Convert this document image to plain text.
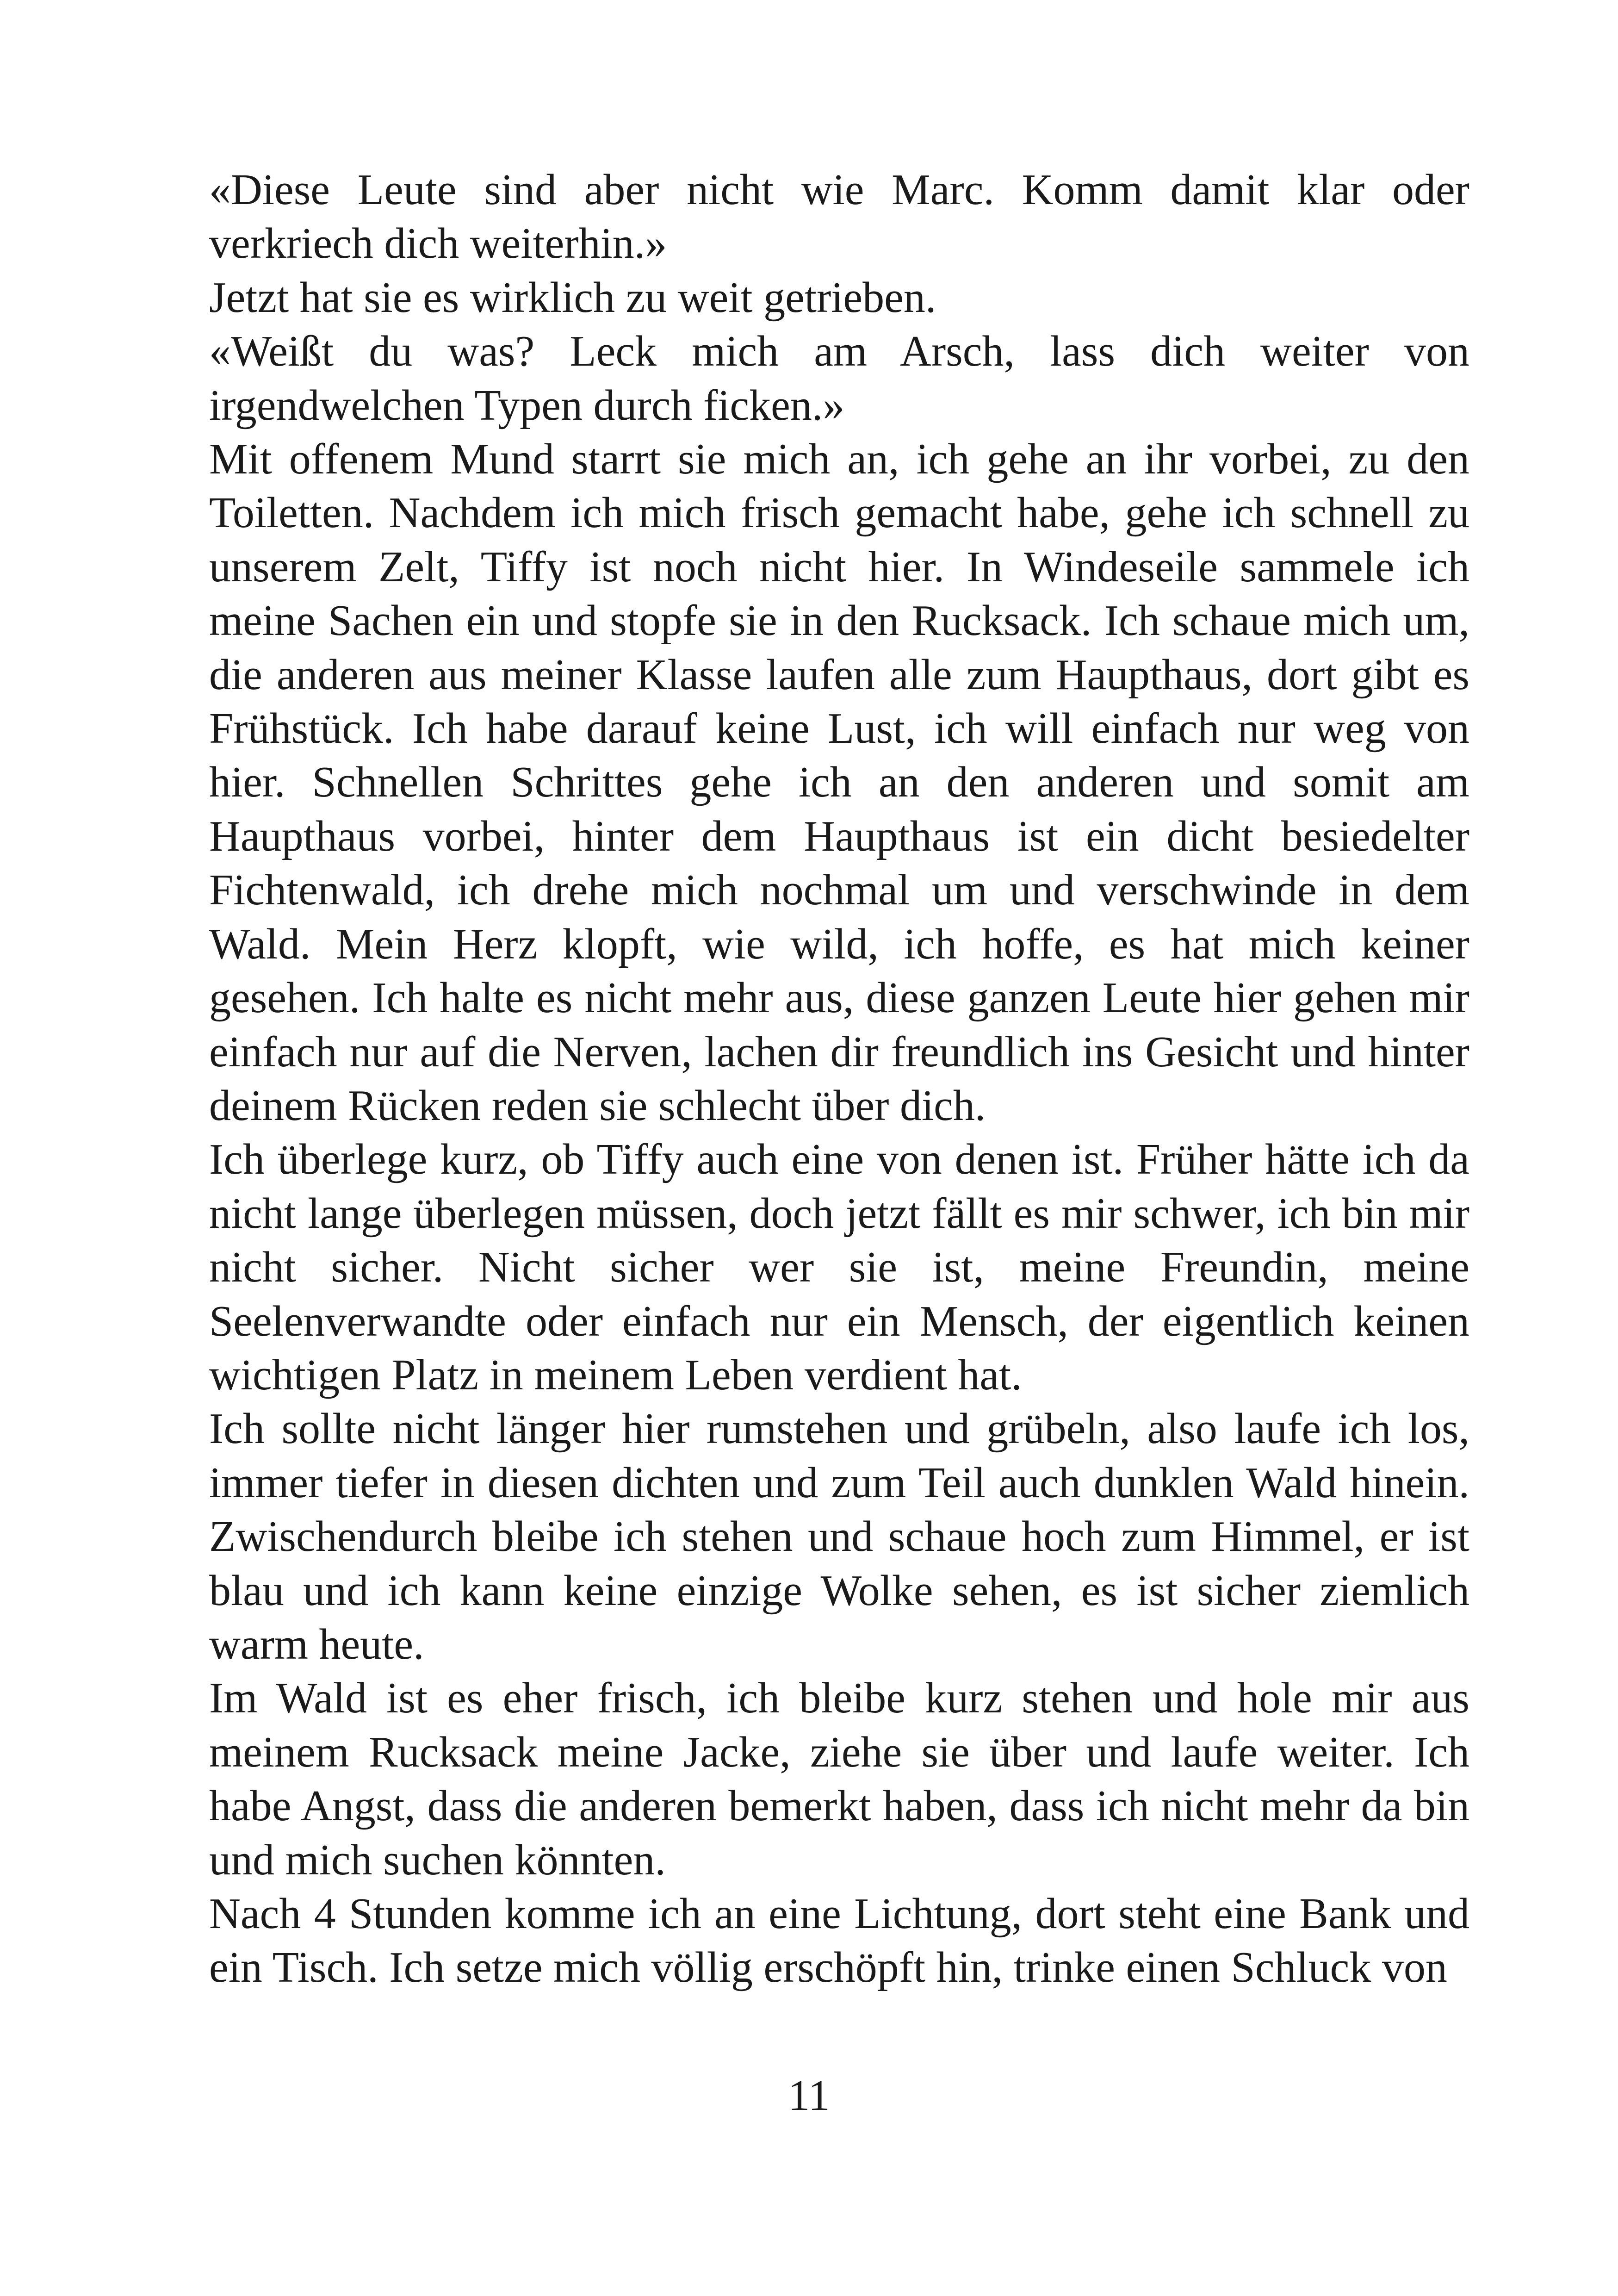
«Diese Leute sind aber nicht wie Marc. Komm damit klar oder verkriech dich weiterhin.»

Jetzt hat sie es wirklich zu weit getrieben.

«Weißt du was? Leck mich am Arsch, lass dich weiter von irgendwelchen Typen durch ficken.»

Mit offenem Mund starrt sie mich an, ich gehe an ihr vorbei, zu den Toiletten. Nachdem ich mich frisch gemacht habe, gehe ich schnell zu unserem Zelt, Tiffy ist noch nicht hier. In Windeseile sammele ich meine Sachen ein und stopfe sie in den Rucksack. Ich schaue mich um, die anderen aus meiner Klasse laufen alle zum Haupthaus, dort gibt es Frühstück. Ich habe darauf keine Lust, ich will einfach nur weg von hier. Schnellen Schrittes gehe ich an den anderen und somit am Haupthaus vorbei, hinter dem Haupthaus ist ein dicht besiedelter Fichtenwald, ich drehe mich nochmal um und verschwinde in dem Wald. Mein Herz klopft, wie wild, ich hoffe, es hat mich keiner gesehen. Ich halte es nicht mehr aus, diese ganzen Leute hier gehen mir einfach nur auf die Nerven, lachen dir freundlich ins Gesicht und hinter deinem Rücken reden sie schlecht über dich.

Ich überlege kurz, ob Tiffy auch eine von denen ist. Früher hätte ich da nicht lange überlegen müssen, doch jetzt fällt es mir schwer, ich bin mir nicht sicher. Nicht sicher wer sie ist, meine Freundin, meine Seelenverwandte oder einfach nur ein Mensch, der eigentlich keinen wichtigen Platz in meinem Leben verdient hat.

Ich sollte nicht länger hier rumstehen und grübeln, also laufe ich los, immer tiefer in diesen dichten und zum Teil auch dunklen Wald hinein. Zwischendurch bleibe ich stehen und schaue hoch zum Himmel, er ist blau und ich kann keine einzige Wolke sehen, es ist sicher ziemlich warm heute.

Im Wald ist es eher frisch, ich bleibe kurz stehen und hole mir aus meinem Rucksack meine Jacke, ziehe sie über und laufe weiter. Ich habe Angst, dass die anderen bemerkt haben, dass ich nicht mehr da bin und mich suchen könnten.

Nach 4 Stunden komme ich an eine Lichtung, dort steht eine Bank und ein Tisch. Ich setze mich völlig erschöpft hin, trinke einen Schluck von

11
